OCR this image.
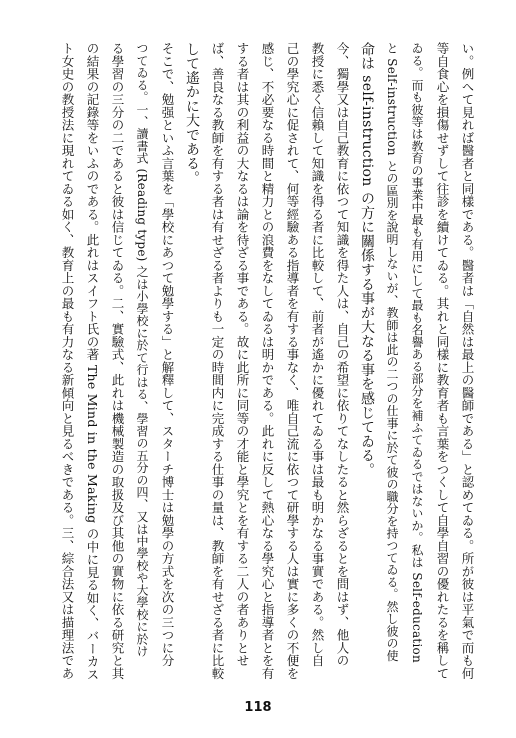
い。例へて見れば醫者と同樣である。醫者は「自然は最上の醫師である」と認めてゐる。所が彼は平氣で而も何
等自食心を損傷せずして往診を續けてゐる。其れと同樣に教育者も言葉をつくして自學自習の優れたるを稱して
ゐる。而も彼等は教育の事業中最も有用にして最も名譽ある部分を補ふてゐるではないか。私は Self-education
と Self-instruction との區別を說明しないが、教師は此の二つの仕事に於て彼の職分を持つてゐる。然し彼の使
命は self-instruction の方に關係する事が大なる事を感じてゐる。
今、獨學又は自己教育に依つて知識を得た人は、自己の希望に依りてなしたると然らざるとを問はず、他人の
教授に悉く信賴して知識を得る者に比較して、前者が遙かに優れてゐる事は最も明かなる事實である。然し自
己の學究心に促されて、何等經驗ある指導者を有する事なく、唯自己流に依つて研學する人は實に多くの不便を
感じ、不必要なる時間と精力との浪費をなしてゐるは明かである。此れに反して熱心なる學究心と指導者とを有
する者は其の利益の大なるは論を待ざる事である。故に此所に同等の才能と學究とを有する二人の者ありとせ
ば、善良なる教師を有する者は有せざる者よりも一定の時間内に完成する仕事の量は、教師を有せざる者に比較
して遙かに大である。
そこで、勉强といふ言葉を「學校にあつて勉學する」と解釋して、スターチ博士は勉學の方式を次の三つに分
つてゐる。一、讀書式 (Reading type) 之は小學校に於て行はる、學習の五分の四、又は中學校や大學校に於け
る學習の三分の二であると彼は信じてゐる。二、實驗式、此れは機械製造の取扱及び其他の實物に依る研究と其
の結果の記錄等をいふのである。此れはスイフト氏の著 The Mind in the Making の中に見る如く、バーカス
ト女史の教授法に現れてゐる如く、教育上の最も有力なる新傾向と見るべきである。三、綜合法又は描理法であ
118
